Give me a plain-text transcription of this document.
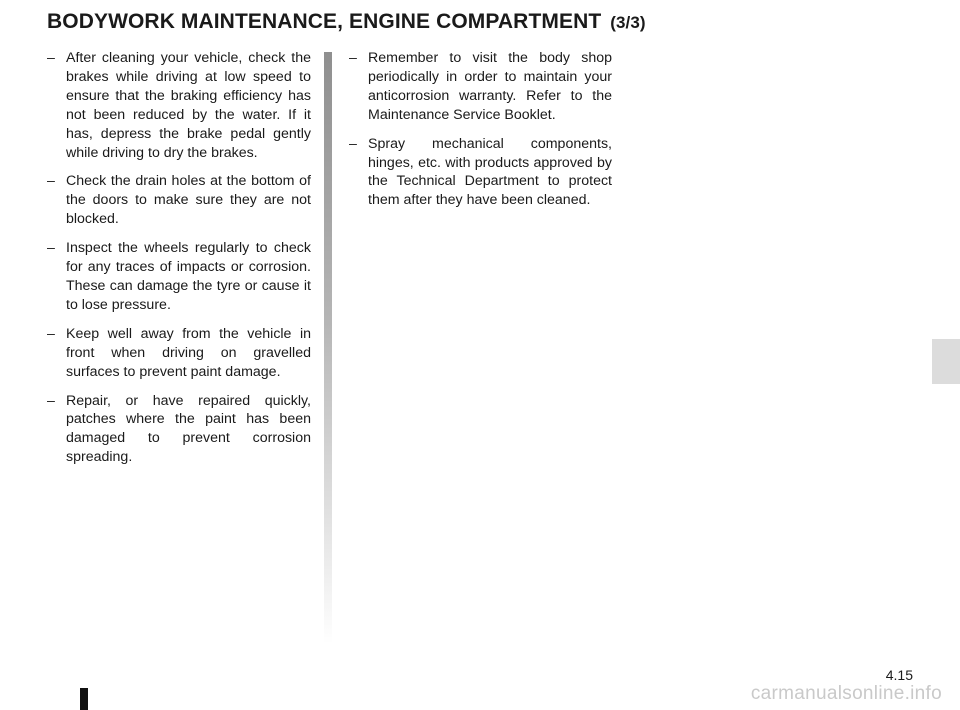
BODYWORK MAINTENANCE, ENGINE COMPARTMENT (3/3)
– After cleaning your vehicle, check the brakes while driving at low speed to ensure that the braking efficiency has not been reduced by the water. If it has, depress the brake pedal gently while driving to dry the brakes.
– Check the drain holes at the bottom of the doors to make sure they are not blocked.
– Inspect the wheels regularly to check for any traces of impacts or corrosion. These can damage the tyre or cause it to lose pressure.
– Keep well away from the vehicle in front when driving on gravelled surfaces to prevent paint damage.
– Repair, or have repaired quickly, patches where the paint has been damaged to prevent corrosion spreading.
– Remember to visit the body shop periodically in order to maintain your anticorrosion warranty. Refer to the Maintenance Service Booklet.
– Spray mechanical components, hinges, etc. with products approved by the Technical Department to protect them after they have been cleaned.
4.15
carmanualsonline.info
